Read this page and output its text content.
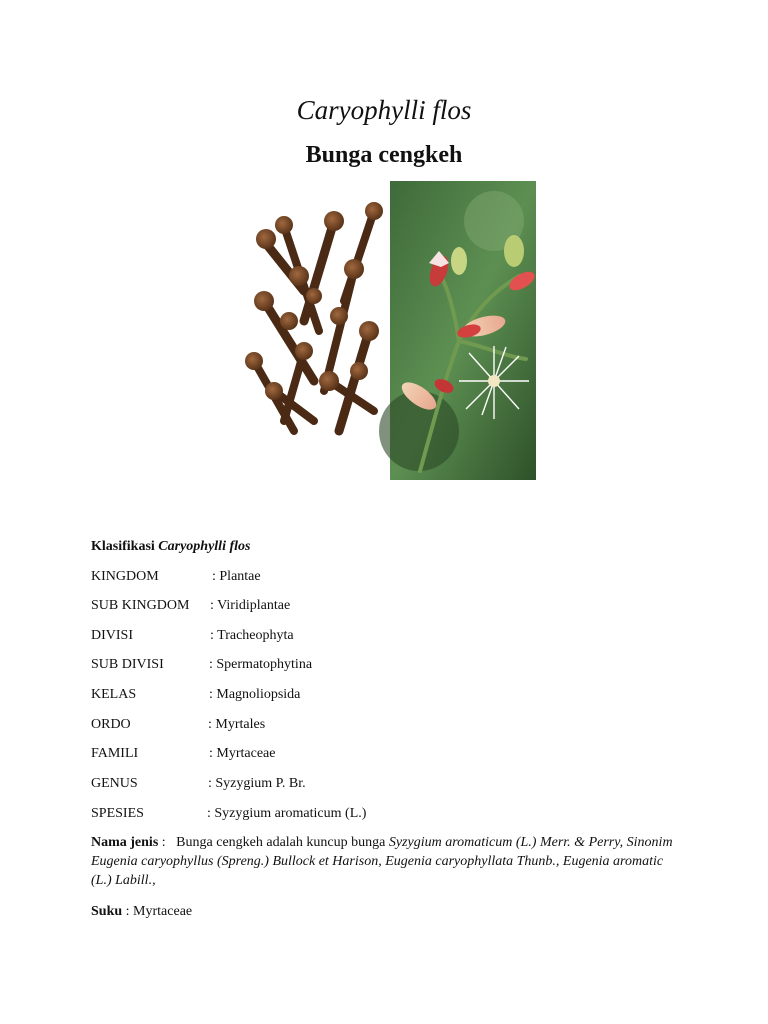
Caryophylli flos
Bunga cengkeh
Klasifikasi Caryophylli flos
KINGDOM	: Plantae
SUB KINGDOM : Viridiplantae
DIVISI	: Tracheophyta
SUB DIVISI	: Spermatophytina
KELAS	: Magnoliopsida
ORDO	: Myrtales
FAMILI	: Myrtaceae
GENUS	: Syzygium P. Br.
SPESIES	: Syzygium aromaticum (L.)
Nama jenis :   Bunga cengkeh adalah kuncup bunga Syzygium aromaticum (L.) Merr. & Perry, Sinonim Eugenia caryophyllus (Spreng.) Bullock et Harison, Eugenia caryophyllata Thunb., Eugenia aromatic (L.) Labill.,
Suku : Myrtaceae
